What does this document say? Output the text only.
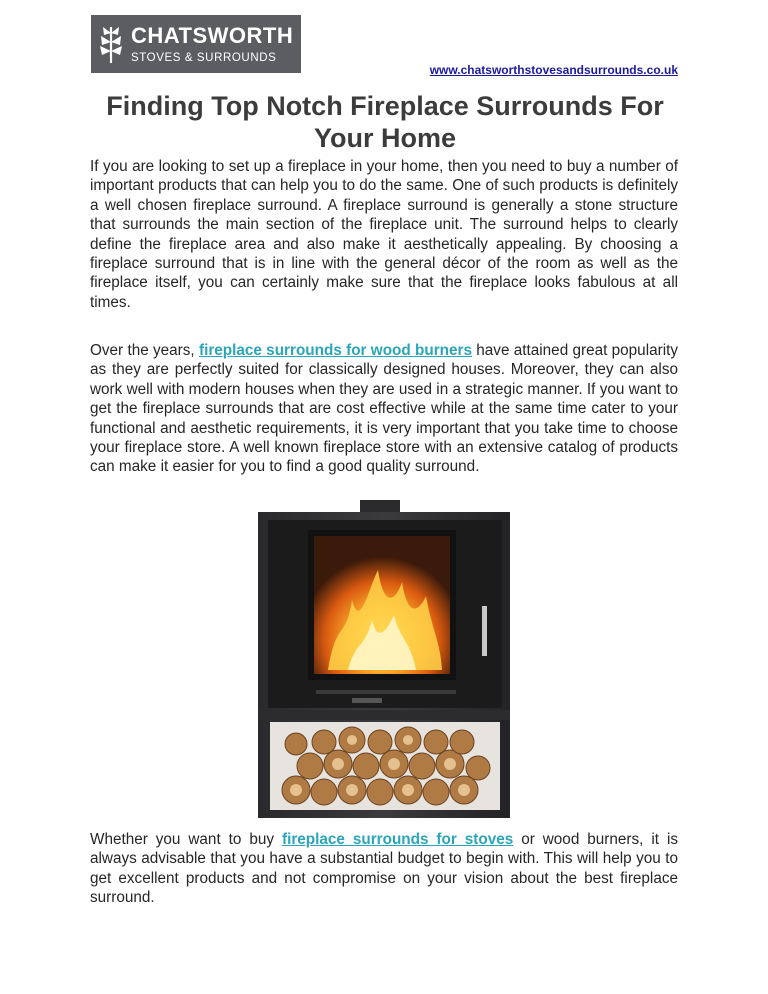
CHATSWORTH
STOVES & SURROUNDS
www.chatsworthstovesandsurrounds.co.uk
Finding Top Notch Fireplace Surrounds For Your Home

If you are looking to set up a fireplace in your home, then you need to buy a number of important products that can help you to do the same. One of such products is definitely a well chosen fireplace surround. A fireplace surround is generally a stone structure that surrounds the main section of the fireplace unit. The surround helps to clearly define the fireplace area and also make it aesthetically appealing. By choosing a fireplace surround that is in line with the general décor of the room as well as the fireplace itself, you can certainly make sure that the fireplace looks fabulous at all times.

Over the years, fireplace surrounds for wood burners have attained great popularity as they are perfectly suited for classically designed houses. Moreover, they can also work well with modern houses when they are used in a strategic manner. If you want to get the fireplace surrounds that are cost effective while at the same time cater to your functional and aesthetic requirements, it is very important that you take time to choose your fireplace store. A well known fireplace store with an extensive catalog of products can make it easier for you to find a good quality surround.

Whether you want to buy fireplace surrounds for stoves or wood burners, it is always advisable that you have a substantial budget to begin with. This will help you to get excellent products and not compromise on your vision about the best fireplace surround.
